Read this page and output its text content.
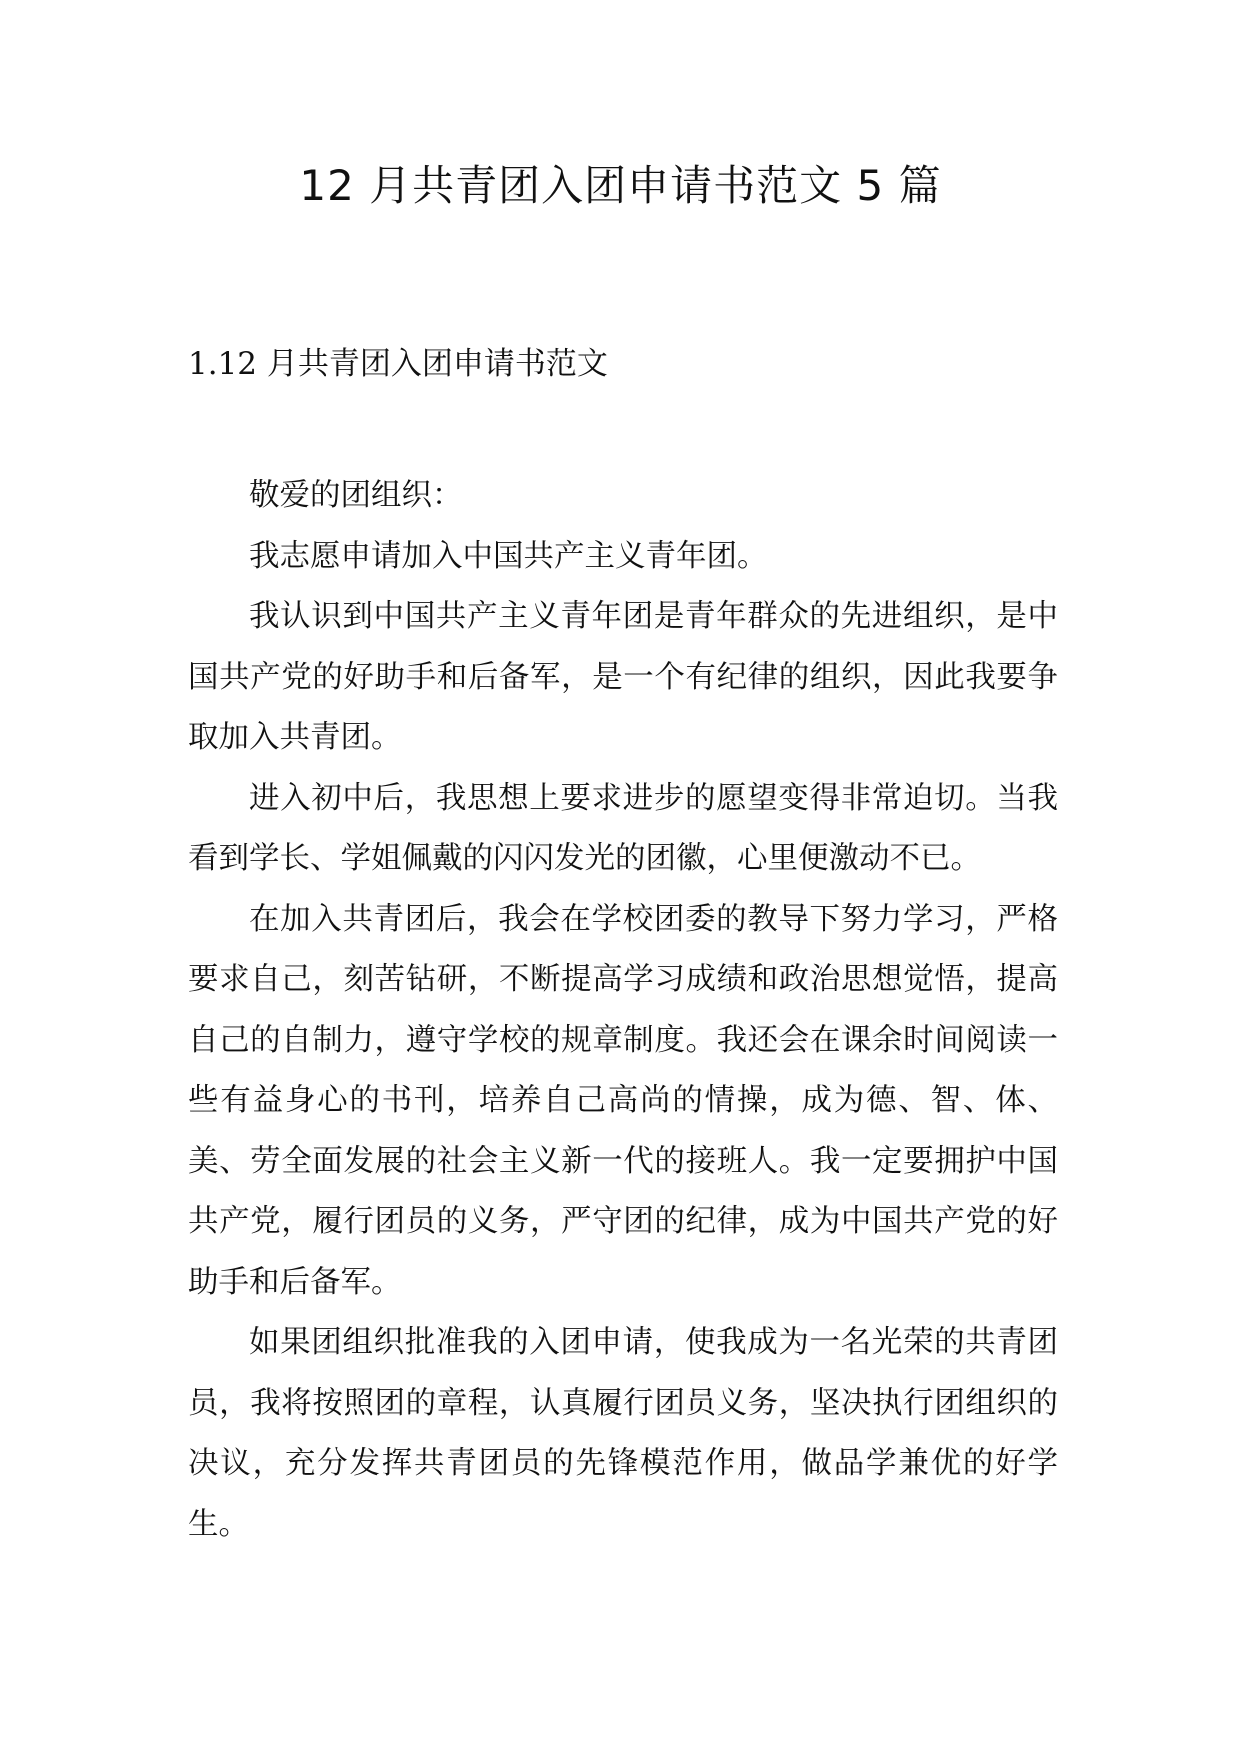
12 月共青团入团申请书范文 5 篇
1.12 月共青团入团申请书范文

敬爱的团组织：

我志愿申请加入中国共产主义青年团。

我认识到中国共产主义青年团是青年群众的先进组织，是中国共产党的好助手和后备军，是一个有纪律的组织，因此我要争取加入共青团。

进入初中后，我思想上要求进步的愿望变得非常迫切。当我看到学长、学姐佩戴的闪闪发光的团徽，心里便激动不已。

在加入共青团后，我会在学校团委的教导下努力学习，严格要求自己，刻苦钻研，不断提高学习成绩和政治思想觉悟，提高自己的自制力，遵守学校的规章制度。我还会在课余时间阅读一些有益身心的书刊，培养自己高尚的情操，成为德、智、体、美、劳全面发展的社会主义新一代的接班人。我一定要拥护中国共产党，履行团员的义务，严守团的纪律，成为中国共产党的好助手和后备军。

如果团组织批准我的入团申请，使我成为一名光荣的共青团员，我将按照团的章程，认真履行团员义务，坚决执行团组织的决议，充分发挥共青团员的先锋模范作用，做品学兼优的好学生。
